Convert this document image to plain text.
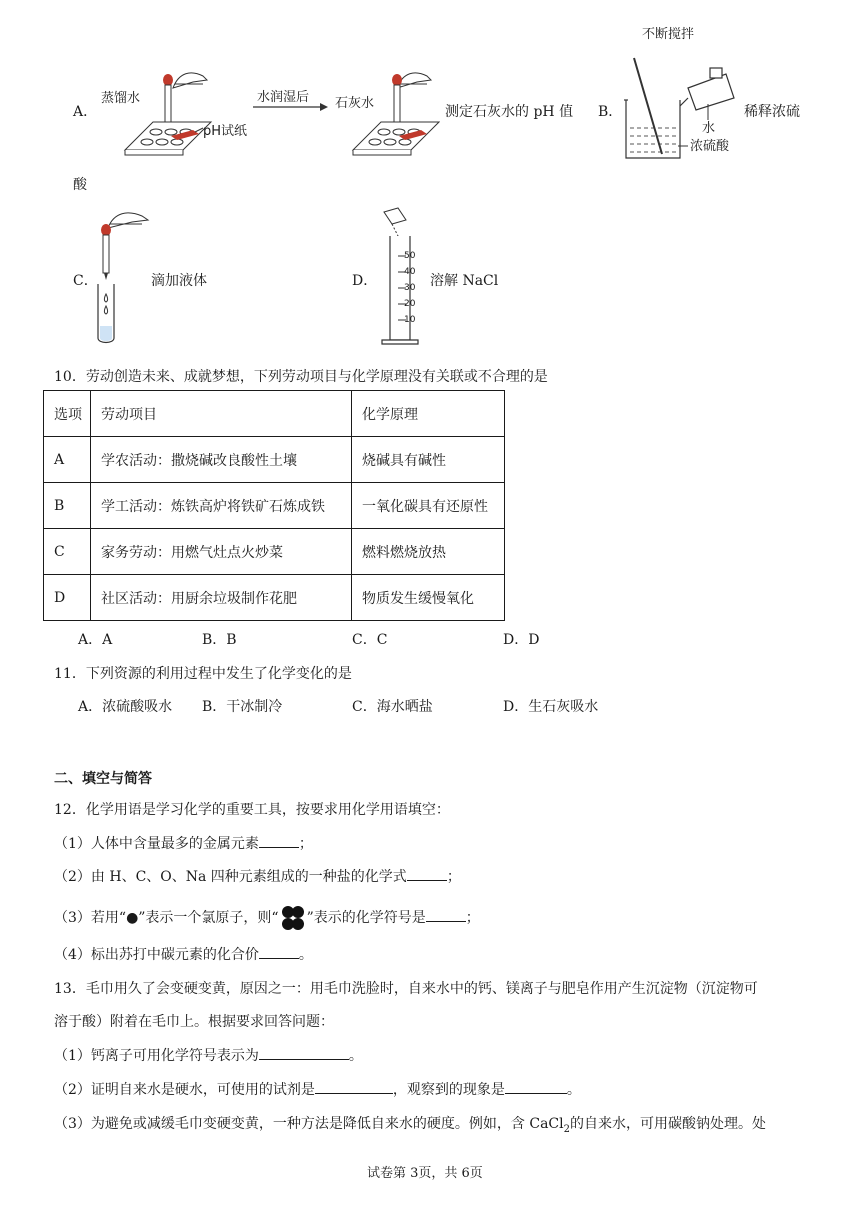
A．
蒸馏水
pH试纸
水润湿后 石灰水
测定石灰水的 pH 值 B．
不断搅拌
水
浓硫酸
稀释浓硫
酸
C．	滴加液体	D．
50
40
30
20
10
溶解 NaCl
10．劳动创造未来、成就梦想，下列劳动项目与化学原理没有关联或不合理的是
选项	劳动项目	化学原理
A	学农活动：撒烧碱改良酸性土壤	烧碱具有碱性
B	学工活动：炼铁高炉将铁矿石炼成铁	一氧化碳具有还原性
C	家务劳动：用燃气灶点火炒菜	燃料燃烧放热
D	社区活动：用厨余垃圾制作花肥	物质发生缓慢氧化
A．A	B．B	C．C	D．D
11．下列资源的利用过程中发生了化学变化的是
A．浓硫酸吸水 B．干冰制冷	C．海水晒盐	D．生石灰吸水
二、填空与简答
12．化学用语是学习化学的重要工具，按要求用化学用语填空：
（1）人体中含量最多的金属元素	；
（2）由 H、C、O、Na 四种元素组成的一种盐的化学式	；
（3）若用“●”表示一个氯原子，则“ ”表示的化学符号是	；
（4）标出苏打中碳元素的化合价	。
13．毛巾用久了会变硬变黄，原因之一：用毛巾洗脸时，自来水中的钙、镁离子与肥皂作用产生沉淀物（沉淀物可
溶于酸）附着在毛巾上。根据要求回答问题：
（1）钙离子可用化学符号表示为	。
（2）证明自来水是硬水，可使用的试剂是	，观察到的现象是	。
（3）为避免或减缓毛巾变硬变黄，一种方法是降低自来水的硬度。例如，含 CaCl$_2$的自来水，可用碳酸钠处理。处
试卷第 3页，共 6页
